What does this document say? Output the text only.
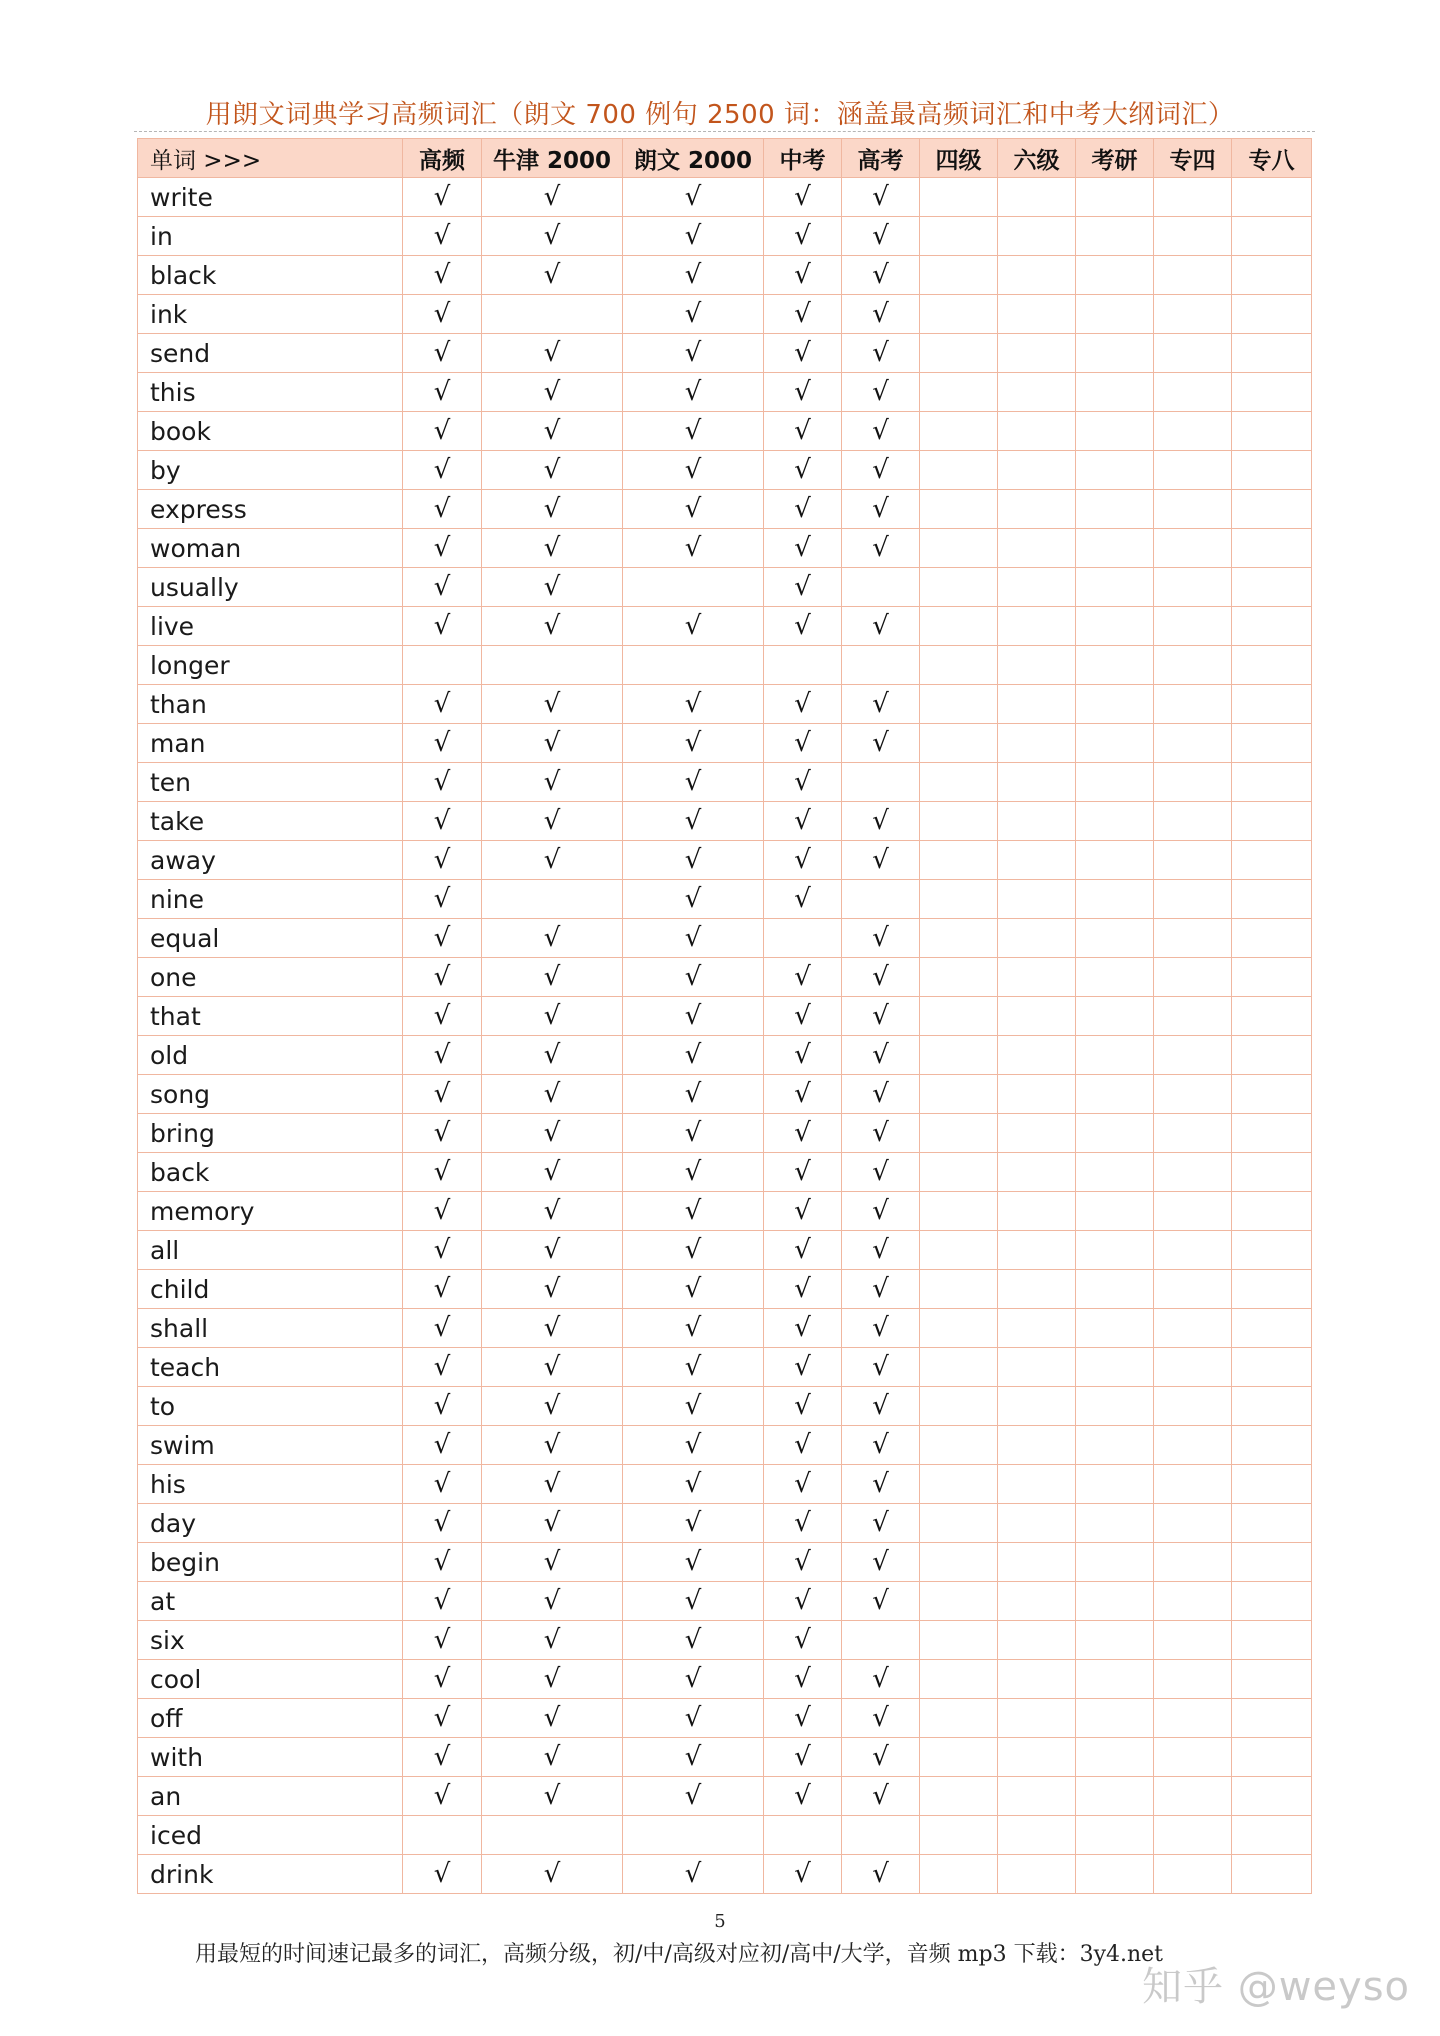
用朗文词典学习高频词汇（朗文 700 例句 2500 词：涵盖最高频词汇和中考大纲词汇）
单词 >>>	高频	牛津 2000	朗文 2000	中考	高考	四级	六级	考研	专四	专八
write	√	√	√	√	√					
in	√	√	√	√	√					
black	√	√	√	√	√					
ink	√		√	√	√					
send	√	√	√	√	√					
this	√	√	√	√	√					
book	√	√	√	√	√					
by	√	√	√	√	√					
express	√	√	√	√	√					
woman	√	√	√	√	√					
usually	√	√		√						
live	√	√	√	√	√					
longer										
than	√	√	√	√	√					
man	√	√	√	√	√					
ten	√	√	√	√						
take	√	√	√	√	√					
away	√	√	√	√	√					
nine	√		√	√						
equal	√	√	√		√					
one	√	√	√	√	√					
that	√	√	√	√	√					
old	√	√	√	√	√					
song	√	√	√	√	√					
bring	√	√	√	√	√					
back	√	√	√	√	√					
memory	√	√	√	√	√					
all	√	√	√	√	√					
child	√	√	√	√	√					
shall	√	√	√	√	√					
teach	√	√	√	√	√					
to	√	√	√	√	√					
swim	√	√	√	√	√					
his	√	√	√	√	√					
day	√	√	√	√	√					
begin	√	√	√	√	√					
at	√	√	√	√	√					
six	√	√	√	√						
cool	√	√	√	√	√					
off	√	√	√	√	√					
with	√	√	√	√	√					
an	√	√	√	√	√					
iced										
drink	√	√	√	√	√					
5
用最短的时间速记最多的词汇，高频分级，初/中/高级对应初/高中/大学，音频 mp3 下载：3y4.net
知乎 @weyso
